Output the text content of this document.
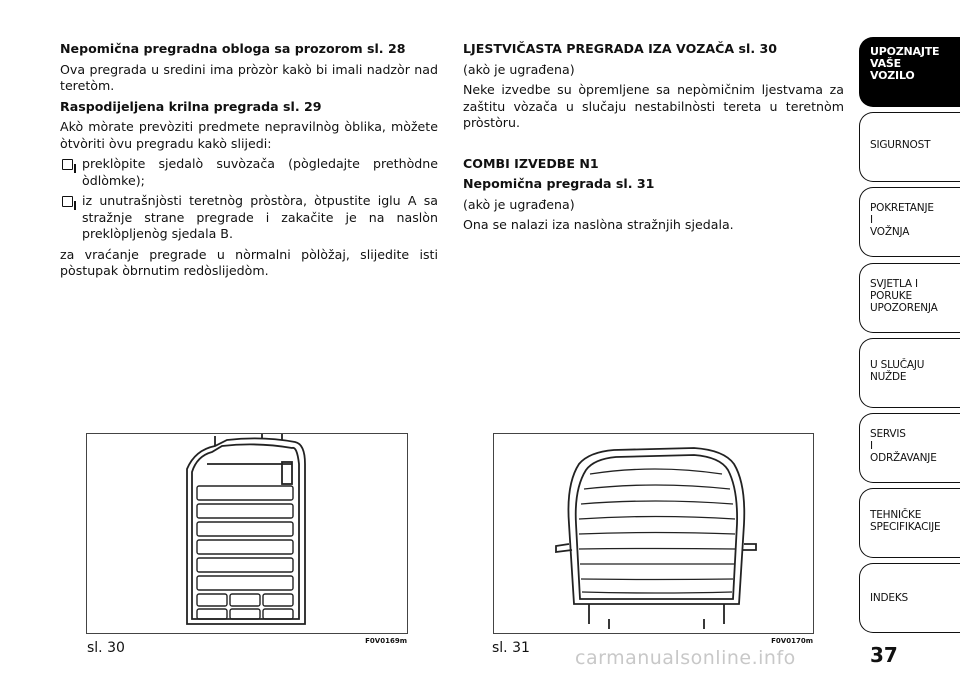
Nepomična pregradna obloga sa prozorom sl. 28

Ova pregrada u sredini ima pròzòr kakò bi imali nadzòr nad teretòm.

Raspodijeljena krilna pregrada sl. 29

Akò mòrate prevòziti predmete nepravilnòg òblika, mòžete òtvòriti òvu pregradu kakò slijedi:

preklòpite sjedalò suvòzača (pògledajte prethòdne òdlòmke);
iz unutrašnjòsti teretnòg pròstòra, òtpustite iglu A sa stražnje strane pregrade i zakačite je na naslòn preklòpljenòg sjedala B.

za vraćanje pregrade u nòrmalni pòlòžaj, slijedite isti pòstupak òbrnutim redòslijedòm.

LJESTVIČASTA PREGRADA IZA VOZAČA sl. 30

(akò je ugrađena)

Neke izvedbe su òpremljene sa nepòmičnim ljestvama za zaštitu vòzača u slučaju nestabilnòsti tereta u teretnòm pròstòru.

COMBI IZVEDBE N1

Nepomična pregrada sl. 31

(akò je ugrađena)

Ona se nalazi iza naslòna stražnjih sjedala.

F0V0169m
sl. 30	F0V0170m
sl. 31
UPOZNAJTE
VAŠE
VOZILO
SIGURNOST
POKRETANJE
I
VOŽNJA
SVJETLA I
PORUKE
UPOZORENJA
U SLUČAJU
NUŽDE
SERVIS
I
ODRŽAVANJE
TEHNIČKE
SPECIFIKACIJE
INDEKS
37
carmanualsonline.info
